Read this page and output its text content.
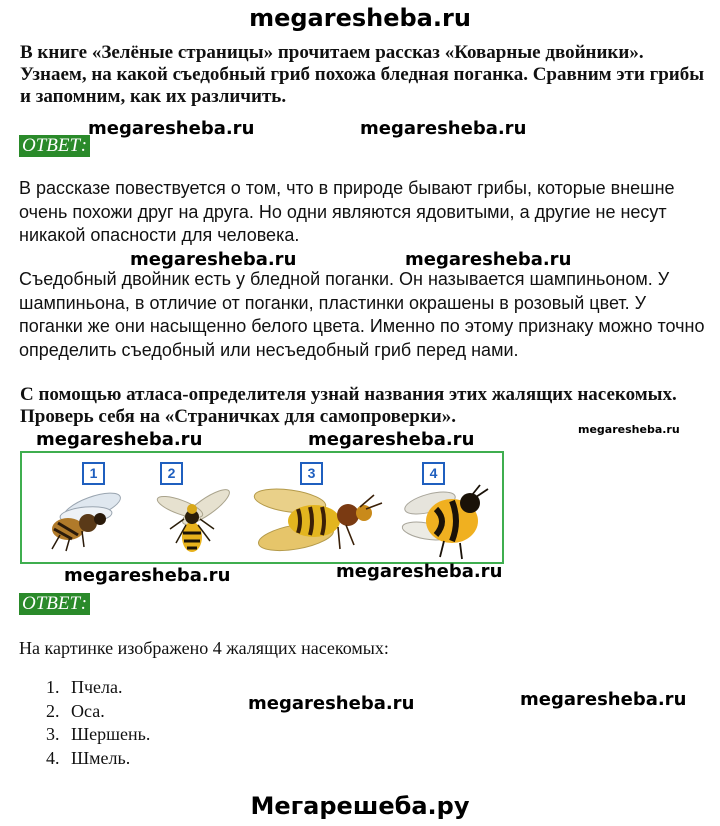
megaresheba.ru
В книге «Зелёные страницы» прочитаем рассказ «Коварные двойники». Узнаем, на какой съедобный гриб похожа бледная поганка. Сравним эти грибы и запомним, как их различить.
ОТВЕТ:
megaresheba.ru	megaresheba.ru
В рассказе повествуется о том, что в природе бывают грибы, которые внешне очень похожи друг на друга. Но одни являются ядовитыми, а другие не несут никакой опасности для человека.
megaresheba.ru	megaresheba.ru
Съедобный двойник есть у бледной поганки. Он называется шампиньоном. У шампиньона, в отличие от поганки, пластинки окрашены в розовый цвет. У поганки же они насыщенно белого цвета. Именно по этому признаку можно точно определить съедобный или несъедобный гриб перед нами.
С помощью атласа-определителя узнай названия этих жалящих насекомых. Проверь себя на «Страничках для самопроверки».
megaresheba.ru	megaresheba.ru	megaresheba.ru
1	2	3	4
megaresheba.ru	megaresheba.ru
ОТВЕТ:
На картинке изображено 4 жалящих насекомых:
1. Пчела.
2. Оса.
3. Шершень.
4. Шмель.
megaresheba.ru	megaresheba.ru
Мегарешеба.ру
